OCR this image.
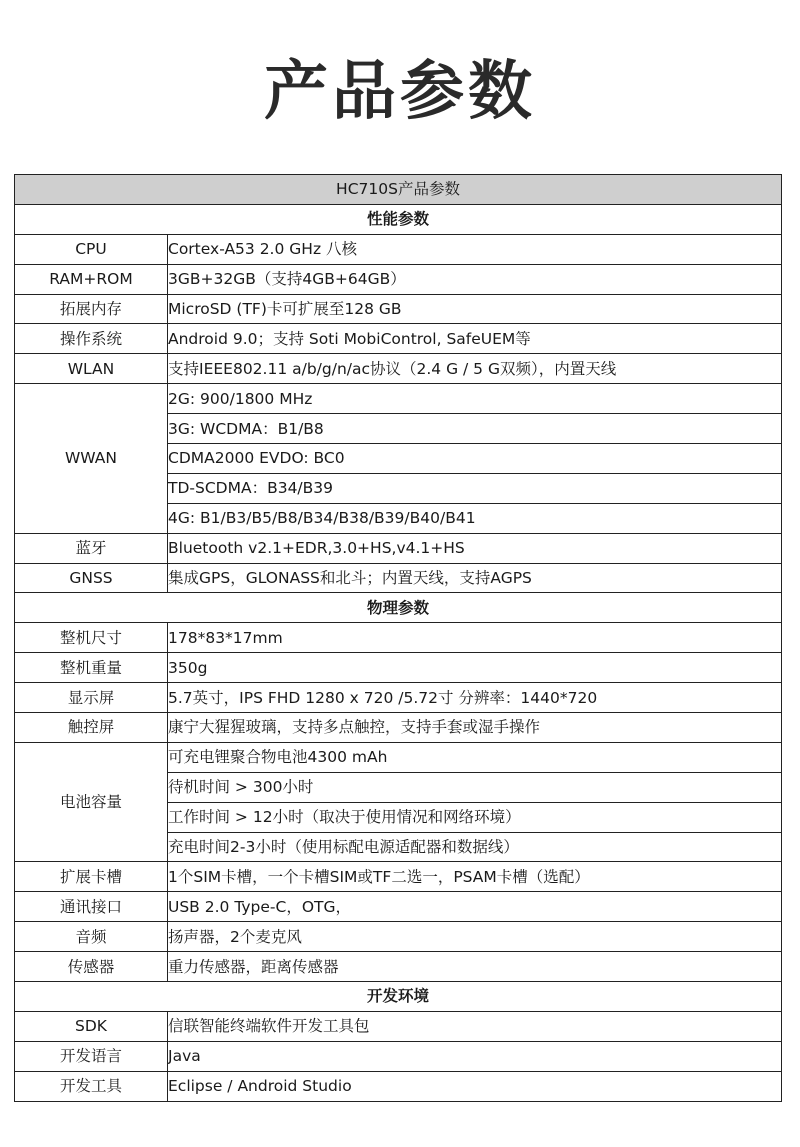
产品参数
HC710S产品参数	
性能参数	
CPU	Cortex-A53 2.0 GHz 八核
RAM+ROM	3GB+32GB（支持4GB+64GB）
拓展内存	MicroSD (TF)卡可扩展至128 GB
操作系统	Android 9.0；支持 Soti MobiControl, SafeUEM等
WLAN	支持IEEE802.11 a/b/g/n/ac协议（2.4 G / 5 G双频），内置天线
WWAN	2G: 900/1800 MHz
	3G: WCDMA：B1/B8
	CDMA2000 EVDO: BC0
	TD-SCDMA：B34/B39
	4G: B1/B3/B5/B8/B34/B38/B39/B40/B41
蓝牙	Bluetooth v2.1+EDR,3.0+HS,v4.1+HS
GNSS	集成GPS，GLONASS和北斗；内置天线，支持AGPS
物理参数	
整机尺寸	178*83*17mm
整机重量	350g
显示屏	5.7英寸，IPS FHD 1280 x 720 /5.72寸 分辨率：1440*720
触控屏	康宁大猩猩玻璃，支持多点触控，支持手套或湿手操作
电池容量	可充电锂聚合物电池4300 mAh
	待机时间 > 300小时
	工作时间 > 12小时（取决于使用情况和网络环境）
	充电时间2-3小时（使用标配电源适配器和数据线）
扩展卡槽	1个SIM卡槽，一个卡槽SIM或TF二选一，PSAM卡槽（选配）
通讯接口	USB 2.0 Type-C，OTG，
音频	扬声器，2个麦克风
传感器	重力传感器，距离传感器
开发环境	
SDK	信联智能终端软件开发工具包
开发语言	Java
开发工具	Eclipse / Android Studio
